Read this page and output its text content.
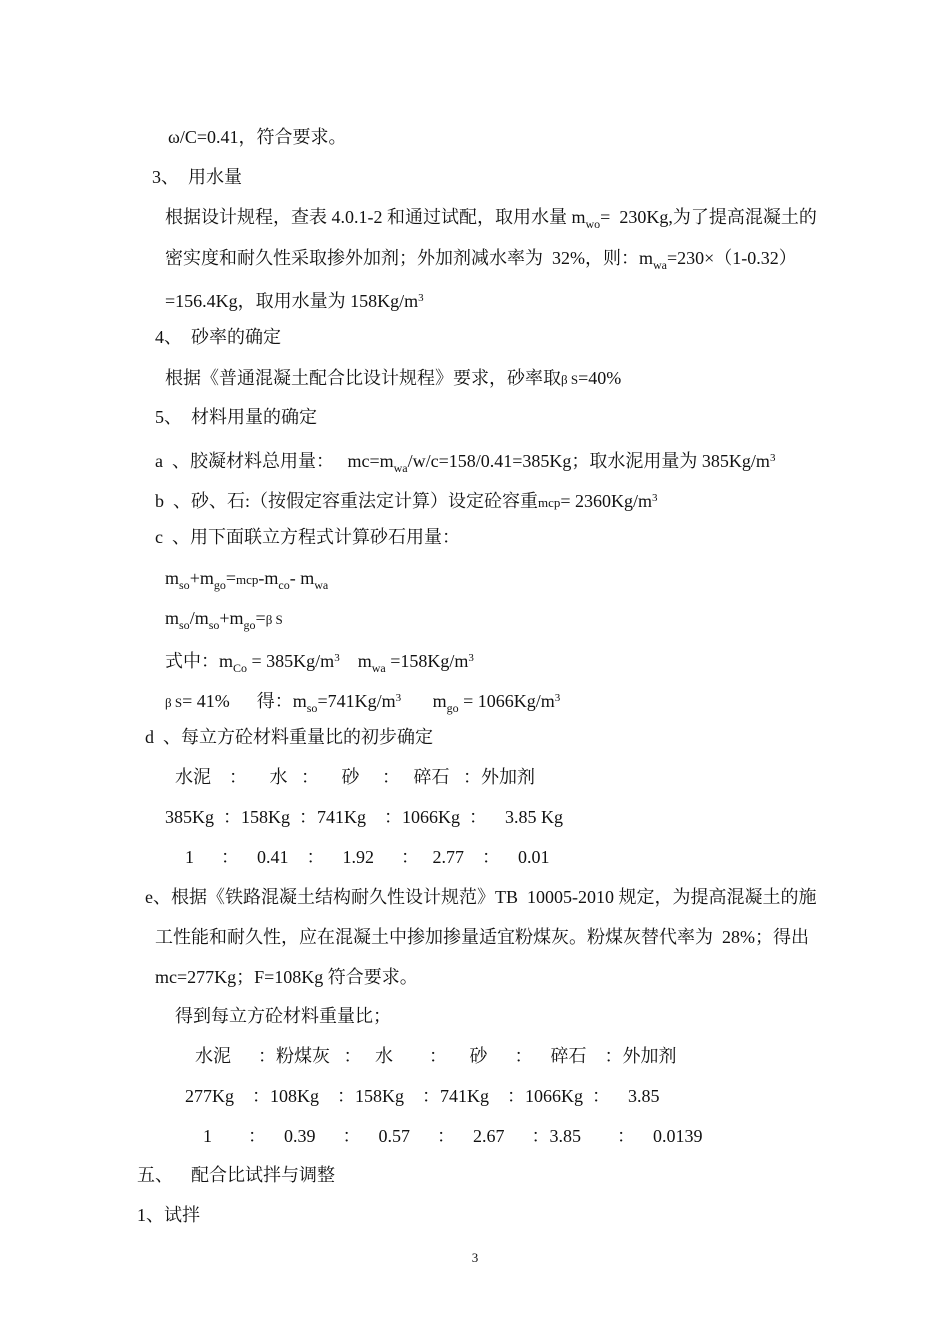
ω/C=0.41，符合要求。
3、  用水量
根据设计规程，查表 4.0.1-2 和通过试配，取用水量 $m_{wo}= 230Kg$,为了提高混凝土的
密实度和耐久性采取掺外加剂；外加剂减水率为  32%，则：$m_{wa}=230\times(1-0.32)$
=156.4Kg，取用水量为 $158Kg/m^3$
4、  砂率的确定
根据《普通混凝土配合比设计规程》要求，砂率取β S=40%
5、  材料用量的确定
a  、胶凝材料总用量：   $mc=m_{wa}/w/c=158/0.41=385Kg$；取水泥用量为 $385Kg/m^3$
b  、砂、石:（按假定容重法定计算）设定砼容重$mcp= 2360Kg/m^3$
c  、用下面联立方程式计算砂石用量：
$m_{so}+m_{go}=mcp-m_{co}-$ $m_{wa}$
$m_{so}/m_{so}+m_{go}=\beta$ S
式中：$m_{Co} = 385Kg/m^3$    $m_{wa} =158Kg/m^3$
β S= 41%      得：$m_{so}=741Kg/m^3$       $m_{go} = 1066Kg/m^3$
d  、每立方砼材料重量比的初步确定
水泥    ：     水   ：     砂     ：   碎石   ：外加剂
385Kg  ：158Kg  ：741Kg    ：1066Kg  ：    3.85 Kg
1      ：    0.41    ：    1.92      ：   2.77    ：    0.01
e、根据《铁路混凝土结构耐久性设计规范》TB  10005-2010 规定，为提高混凝土的施
工性能和耐久性，应在混凝土中掺加掺量适宜粉煤灰。粉煤灰替代率为  28%；得出
mc=277Kg；F=108Kg 符合要求。
得到每立方砼材料重量比；
水泥      ：粉煤灰   ：   水        ：     砂      ：    碎石    ：外加剂
277Kg    ：108Kg    ：158Kg    ：741Kg    ：1066Kg  ：    3.85
1        ：    0.39      ：    0.57      ：    2.67      ：3.85        ：    0.0139
五、    配合比试拌与调整
1、试拌
3
